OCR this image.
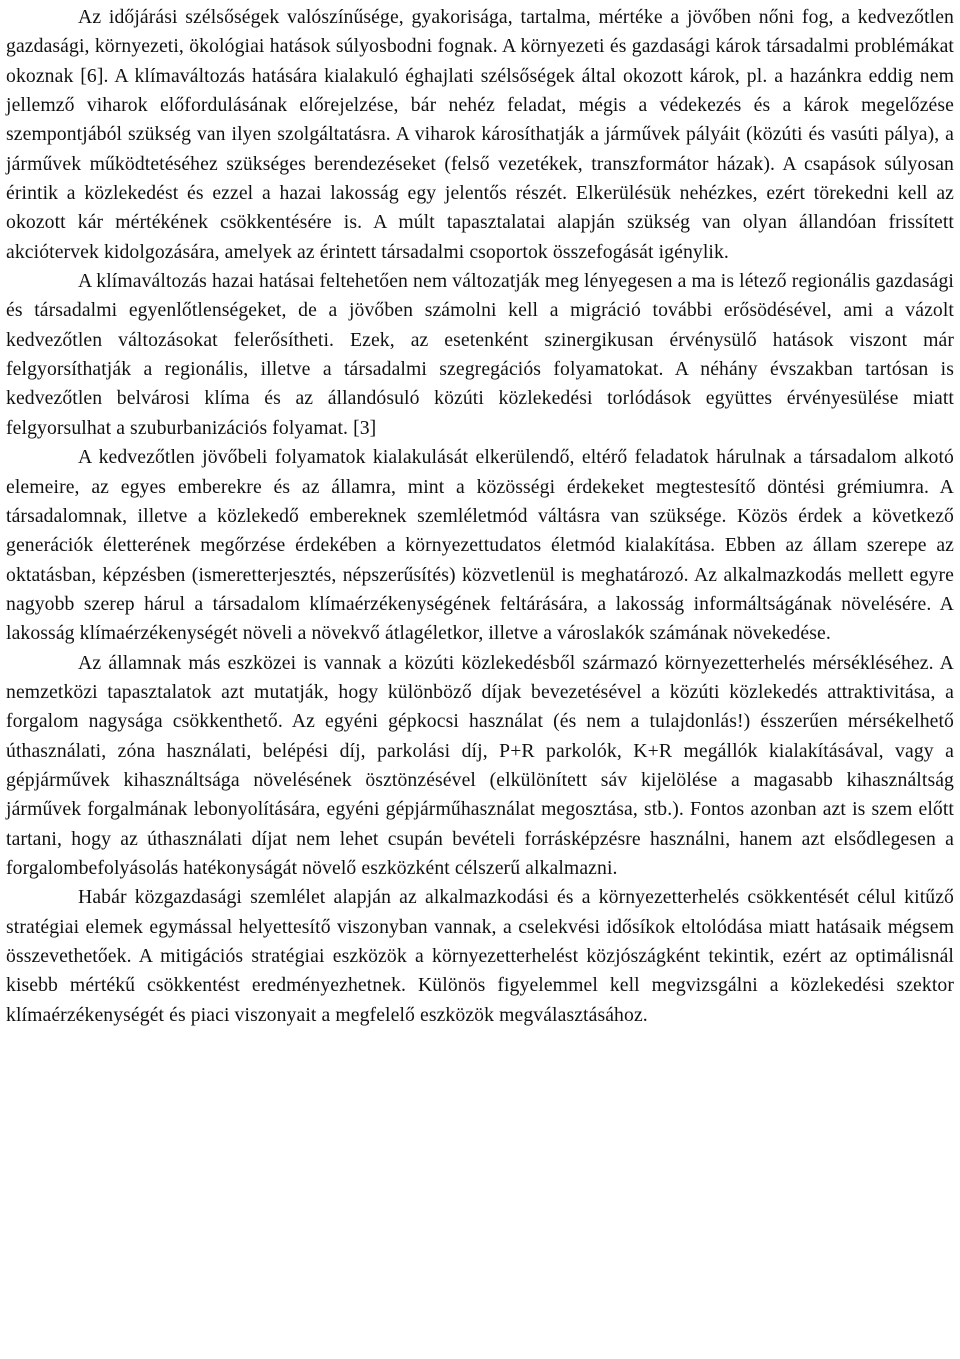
Az időjárási szélsőségek valószínűsége, gyakorisága, tartalma, mértéke a jövőben nőni fog, a kedvezőtlen gazdasági, környezeti, ökológiai hatások súlyosbodni fognak. A környezeti és gazdasági károk társadalmi problémákat okoznak [6]. A klímaváltozás hatására kialakuló éghajlati szélsőségek által okozott károk, pl. a hazánkra eddig nem jellemző viharok előfordulásának előrejelzése, bár nehéz feladat, mégis a védekezés és a károk megelőzése szempontjából szükség van ilyen szolgáltatásra. A viharok károsíthatják a járművek pályáit (közúti és vasúti pálya), a járművek működtetéséhez szükséges berendezéseket (felső vezetékek, transzformátor házak). A csapások súlyosan érintik a közlekedést és ezzel a hazai lakosság egy jelentős részét. Elkerülésük nehézkes, ezért törekedni kell az okozott kár mértékének csökkentésére is. A múlt tapasztalatai alapján szükség van olyan állandóan frissített akciótervek kidolgozására, amelyek az érintett társadalmi csoportok összefogását igénylik.

A klímaváltozás hazai hatásai feltehetően nem változatják meg lényegesen a ma is létező regionális gazdasági és társadalmi egyenlőtlenségeket, de a jövőben számolni kell a migráció további erősödésével, ami a vázolt kedvezőtlen változásokat felerősítheti. Ezek, az esetenként szinergikusan érvénysülő hatások viszont már felgyorsíthatják a regionális, illetve a társadalmi szegregációs folyamatokat. A néhány évszakban tartósan is kedvezőtlen belvárosi klíma és az állandósuló közúti közlekedési torlódások együttes érvényesülése miatt felgyorsulhat a szuburbanizációs folyamat. [3]

A kedvezőtlen jövőbeli folyamatok kialakulását elkerülendő, eltérő feladatok hárulnak a társadalom alkotó elemeire, az egyes emberekre és az államra, mint a közösségi érdekeket megtestesítő döntési grémiumra. A társadalomnak, illetve a közlekedő embereknek szemléletmód váltásra van szüksége. Közös érdek a következő generációk életterének megőrzése érdekében a környezettudatos életmód kialakítása. Ebben az állam szerepe az oktatásban, képzésben (ismeretterjesztés, népszerűsítés) közvetlenül is meghatározó. Az alkalmazkodás mellett egyre nagyobb szerep hárul a társadalom klímaérzékenységének feltárására, a lakosság informáltságának növelésére. A lakosság klímaérzékenységét növeli a növekvő átlagéletkor, illetve a városlakók számának növekedése.

Az államnak más eszközei is vannak a közúti közlekedésből származó környezetterhelés mérsékléséhez. A nemzetközi tapasztalatok azt mutatják, hogy különböző díjak bevezetésével a közúti közlekedés attraktivitása, a forgalom nagysága csökkenthető. Az egyéni gépkocsi használat (és nem a tulajdonlás!) ésszerűen mérsékelhető úthasználati, zóna használati, belépési díj, parkolási díj, P+R parkolók, K+R megállók kialakításával, vagy a gépjárművek kihasználtsága növelésének ösztönzésével (elkülönített sáv kijelölése a magasabb kihasználtság járművek forgalmának lebonyolítására, egyéni gépjárműhasználat megosztása, stb.). Fontos azonban azt is szem előtt tartani, hogy az úthasználati díjat nem lehet csupán bevételi forrásképzésre használni, hanem azt elsődlegesen a forgalombefolyásolás hatékonyságát növelő eszközként célszerű alkalmazni.

Habár közgazdasági szemlélet alapján az alkalmazkodási és a környezetterhelés csökkentését célul kitűző stratégiai elemek egymással helyettesítő viszonyban vannak, a cselekvési idősíkok eltolódása miatt hatásaik mégsem összevethetőek. A mitigációs stratégiai eszközök a környezetterhelést közjószágként tekintik, ezért az optimálisnál kisebb mértékű csökkentést eredményezhetnek. Különös figyelemmel kell megvizsgálni a közlekedési szektor klímaérzékenységét és piaci viszonyait a megfelelő eszközök megválasztásához.
